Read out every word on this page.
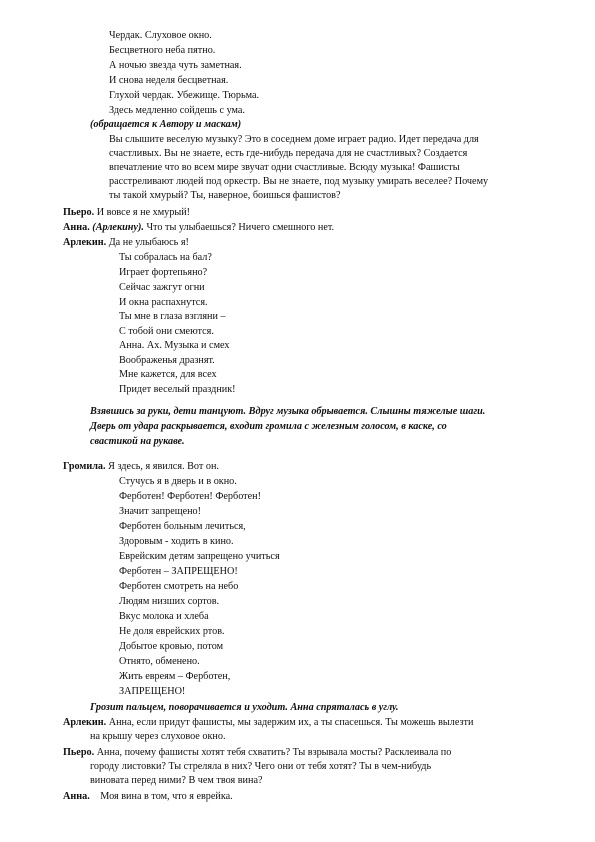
Чердак. Слуховое окно.
Бесцветного неба пятно.
А ночью звезда чуть заметная.
И снова неделя бесцветная.
Глухой чердак. Убежище. Тюрьма.
Здесь медленно сойдешь с ума.
(обращается к Автору и маскам)
Вы слышите веселую музыку? Это в соседнем доме играет радио. Идет передача для
счастливых. Вы не знаете, есть где-нибудь передача для не счастливых? Создается
впечатление что во всем мире звучат одни счастливые. Всюду музыка! Фашисты
расстреливают людей под оркестр. Вы не знаете, под музыку умирать веселее? Почему
ты такой хмурый? Ты, наверное, боишься фашистов?
Пьеро. И вовсе я не хмурый!
Анна. (Арлекину). Что ты улыбаешься? Ничего смешного нет.
Арлекин. Да не улыбаюсь я!
Ты собралась на бал?
Играет фортепьяно?
Сейчас зажгут огни
И окна распахнутся.
Ты мне в глаза взгляни –
С тобой они смеются.
Анна. Ах. Музыка и смех
Воображенья дразнят.
Мне кажется, для всех
Придет веселый праздник!
Взявшись за руки, дети танцуют. Вдруг музыка обрывается. Слышны тяжелые шаги.
Дверь от удара раскрывается, входит громила с железным голосом, в каске, со
свастикой на рукаве.
Громила. Я здесь, я явился. Вот он.
Стучусь я в дверь и в окно.
Ферботен! Ферботен! Ферботен!
Значит запрещено!
Ферботен больным лечиться,
Здоровым - ходить в кино.
Еврейским детям запрещено учиться
Ферботен – ЗАПРЕЩЕНО!
Ферботен смотреть на небо
Людям низших сортов.
Вкус молока и хлеба
Не доля еврейских ртов.
Добытое кровью, потом
Отнято, обменено.
Жить евреям – Ферботен,
ЗАПРЕЩЕНО!
Грозит пальцем, поворачивается и уходит. Анна спряталась в углу.
Арлекин. Анна, если придут фашисты, мы задержим их, а ты спасешься. Ты можешь вылезти
на крышу через слуховое окно.
Пьеро. Анна, почему фашисты хотят тебя схватить? Ты взрывала мосты? Расклеивала по
городу листовки? Ты стреляла в них? Чего они от тебя хотят? Ты в чем-нибудь
виновата перед ними? В чем твоя вина?
Анна. Моя вина в том, что я еврейка.
